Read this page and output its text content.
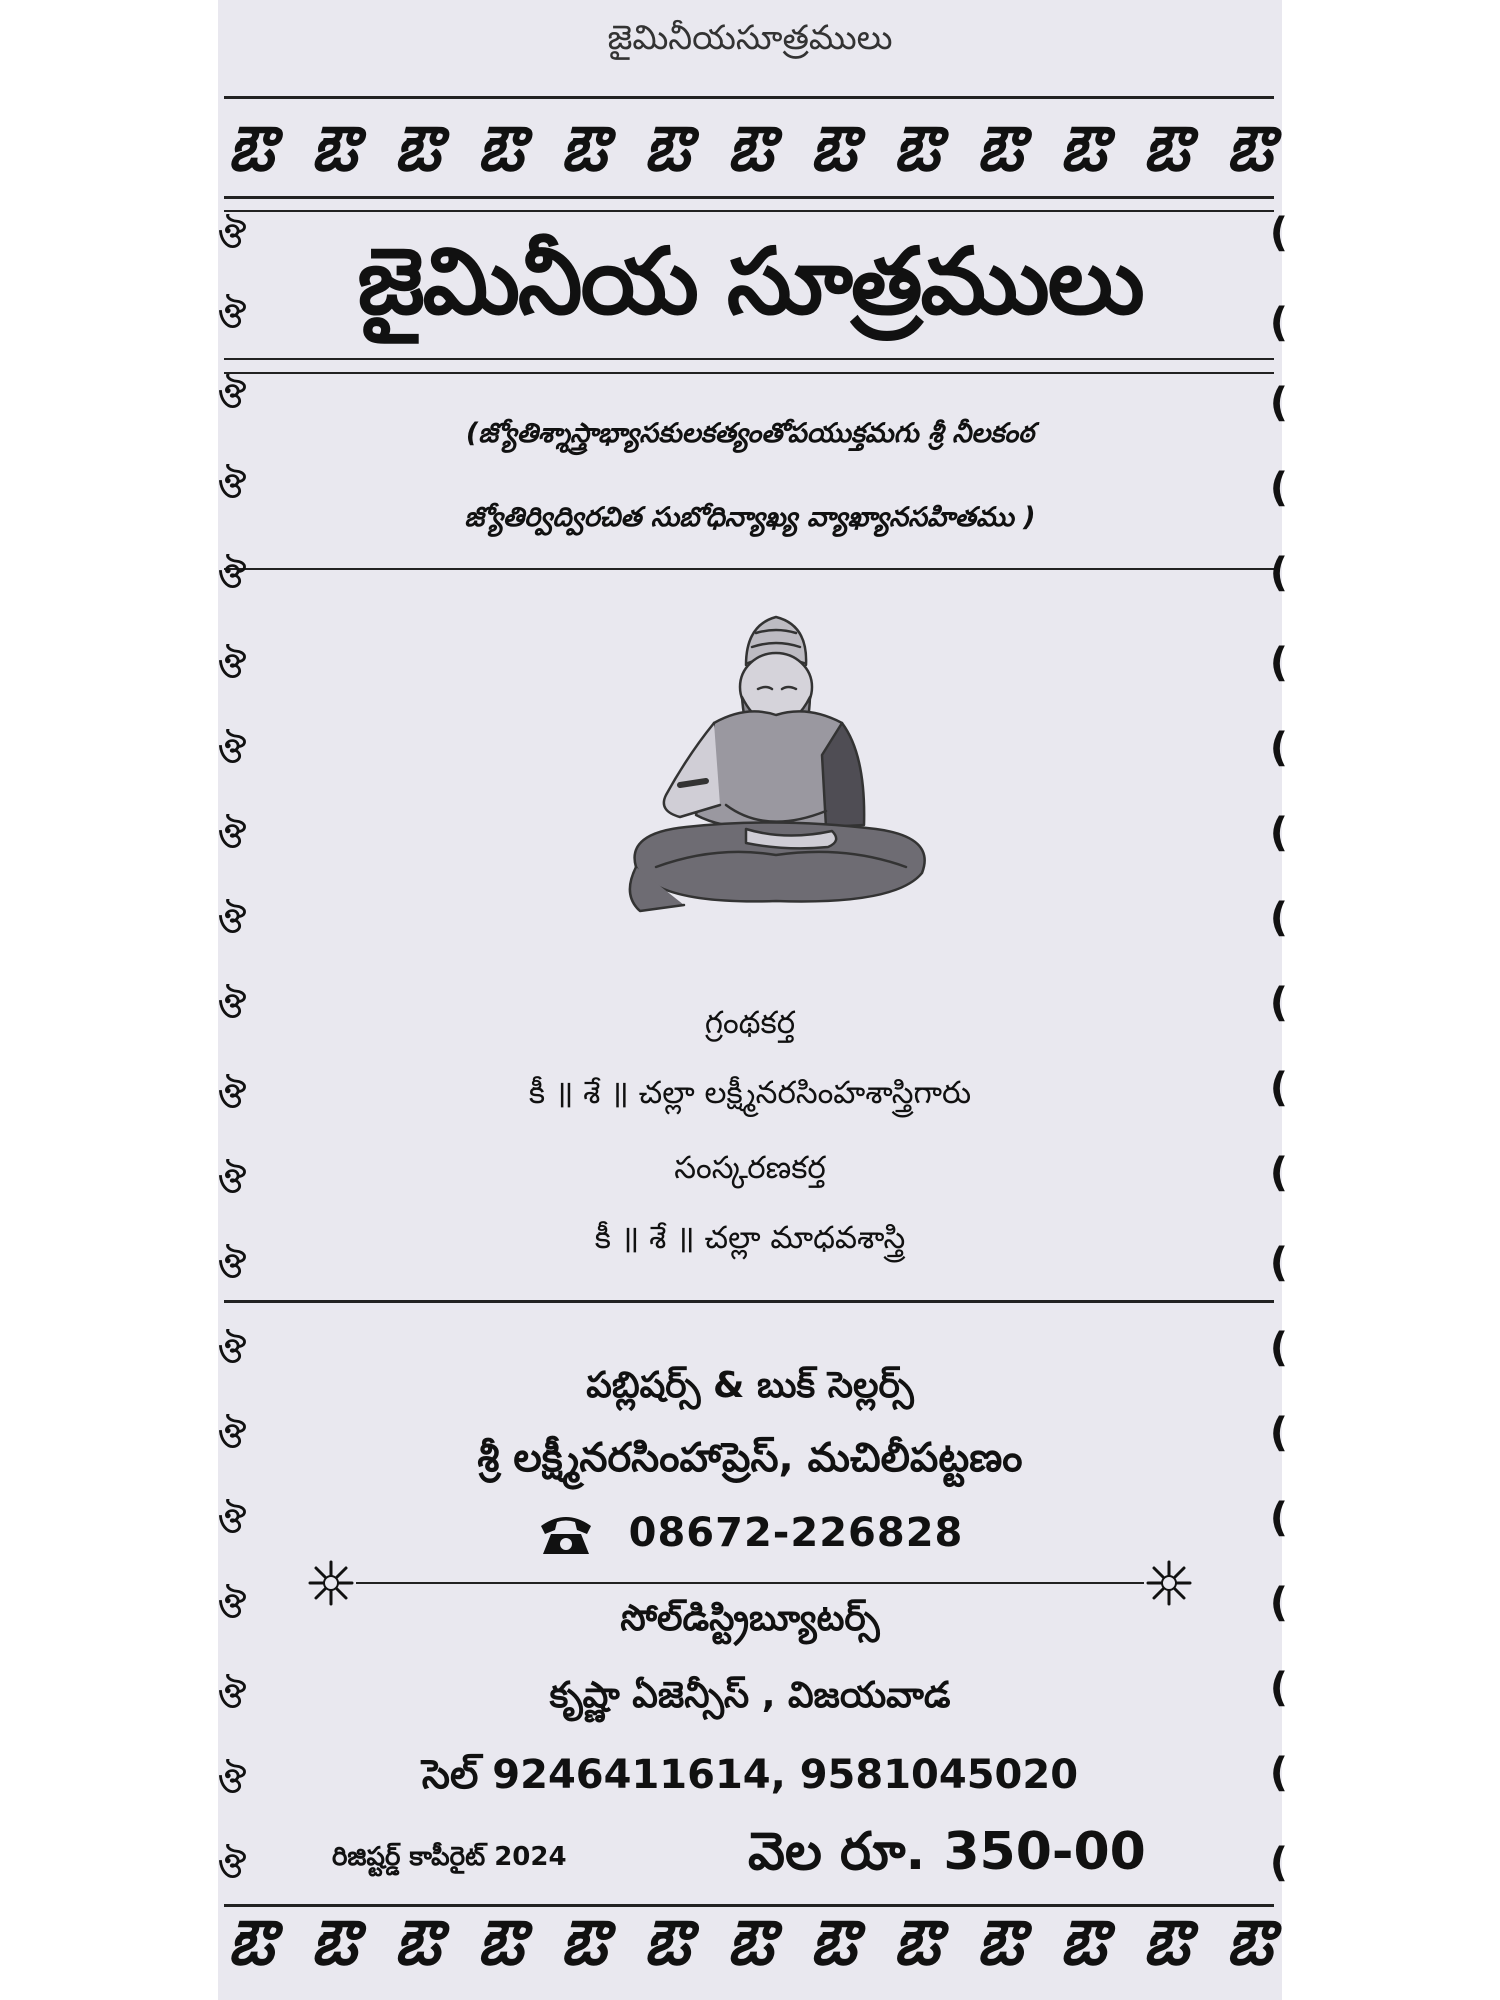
జైమినీయసూత్రములు
ఔ ఔ ఔ ఔ ఔ ఔ ఔ ఔ ఔ ఔ ఔ ఔ ఔ
జైమినీయ సూత్రములు
(జ్యోతిశ్శాస్త్రాభ్యాసకులకత్యంతోపయుక్తమగు శ్రీ నీలకంఠ
జ్యోతిర్విద్విరచిత సుబోధిన్యాఖ్య వ్యాఖ్యానసహితము )
గ్రంథకర్త
కీ ॥ శే ॥ చల్లా లక్ష్మీనరసింహశాస్త్రిగారు
సంస్కరణకర్త
కీ ॥ శే ॥ చల్లా మాధవశాస్త్రి
పబ్లిషర్స్ & బుక్ సెల్లర్స్
శ్రీ లక్ష్మీనరసింహాప్రెస్, మచిలీపట్టణం
08672-226828
సోల్‌డిస్ట్రిబ్యూటర్స్
కృష్ణా ఏజెన్సీస్ , విజయవాడ
సెల్ 9246411614, 9581045020
రిజిష్టర్డ్ కాపీరైట్ 2024	వెల రూ. 350-00
ఔ ఔ ఔ ఔ ఔ ఔ ఔ ఔ ఔ ఔ ఔ ఔ ఔ
ঔ
ঔ
ঔ
ঔ
ঔ
ঔ
ঔ
ঔ
ঔ
ঔ
ঔ
ঔ
ঔ
ঔ
ঔ
ঔ
ঔ
ঔ
ঔ
ঔ
(
(
(
(
(
(
(
(
(
(
(
(
(
(
(
(
(
(
(
(
